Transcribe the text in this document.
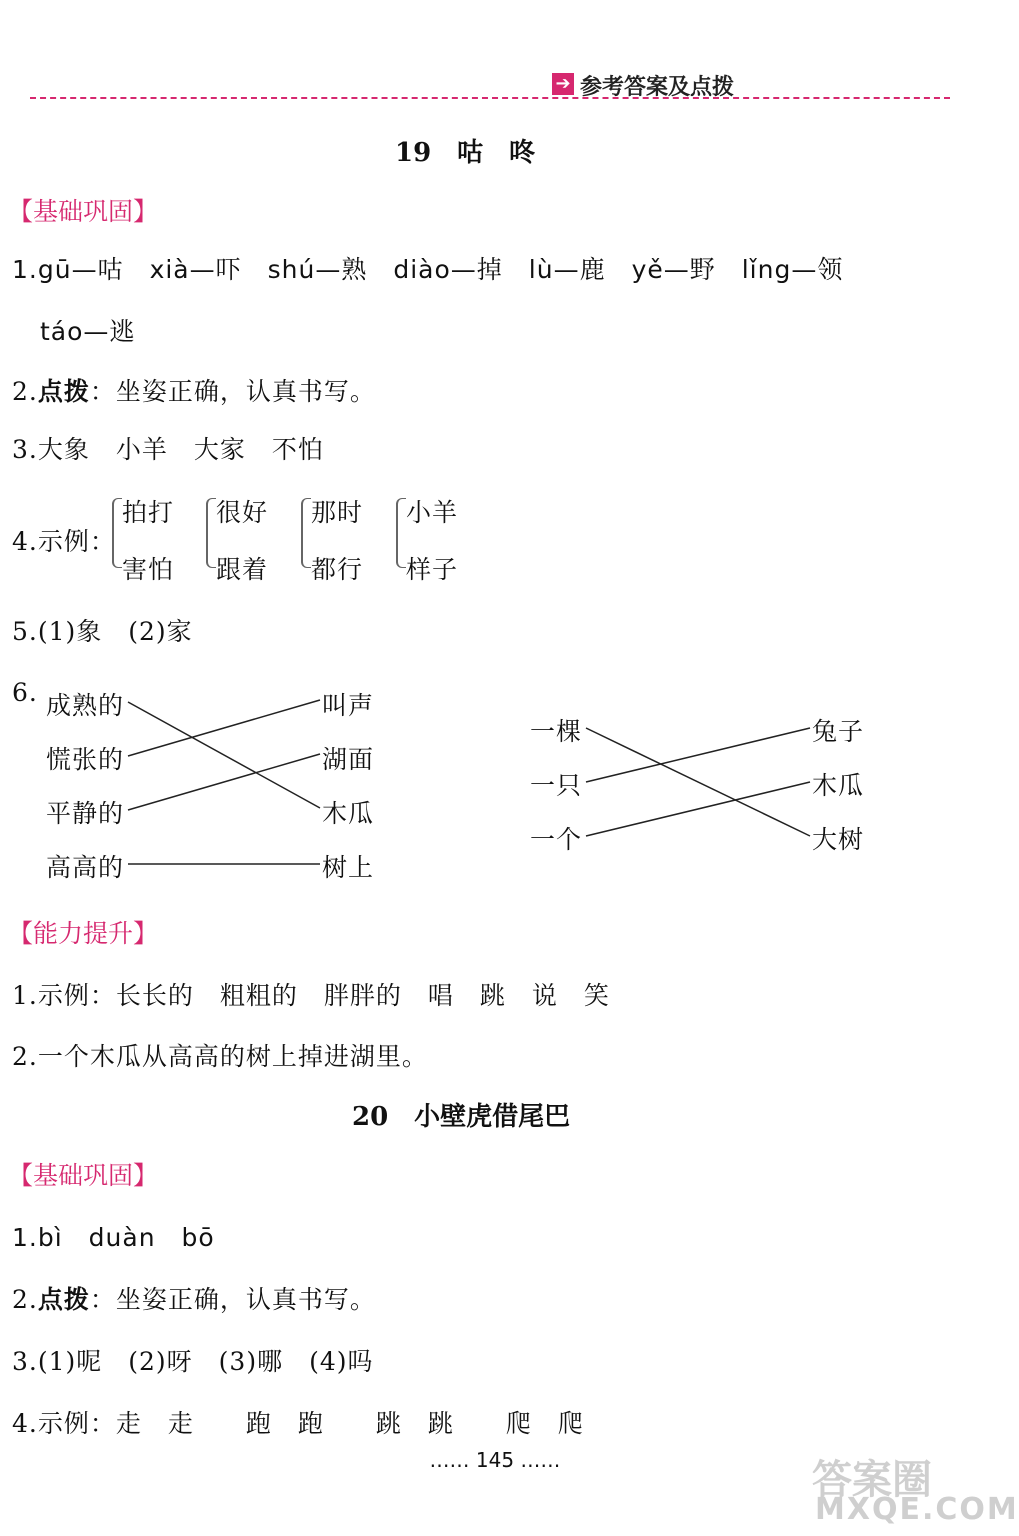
➔ 参考答案及点拨
19　咕　咚
【基础巩固】
1.gū—咕　xià—吓　shú—熟　diào—掉　lù—鹿　yě—野　lǐng—领
táo—逃
2.点拨：坐姿正确，认真书写。
3.大象　小羊　大家　不怕
4.示例：
拍打
害怕
很好
跟着
那时
都行
小羊
样子
5.(1)象　(2)家
6. 成熟的
慌张的
平静的
高高的
叫声
湖面
木瓜
树上
一棵
一只
一个
兔子
木瓜
大树
【能力提升】
1.示例：长长的　粗粗的　胖胖的　唱　跳　说　笑
2.一个木瓜从高高的树上掉进湖里。
20　小壁虎借尾巴
【基础巩固】
1.bì　duàn　bō
2.点拨：坐姿正确，认真书写。
3.(1)呢　(2)呀　(3)哪　(4)吗
4.示例：走　走　　跑　跑　　跳　跳　　爬　爬
…… 145 ……	答案圈
MXQE.COM
